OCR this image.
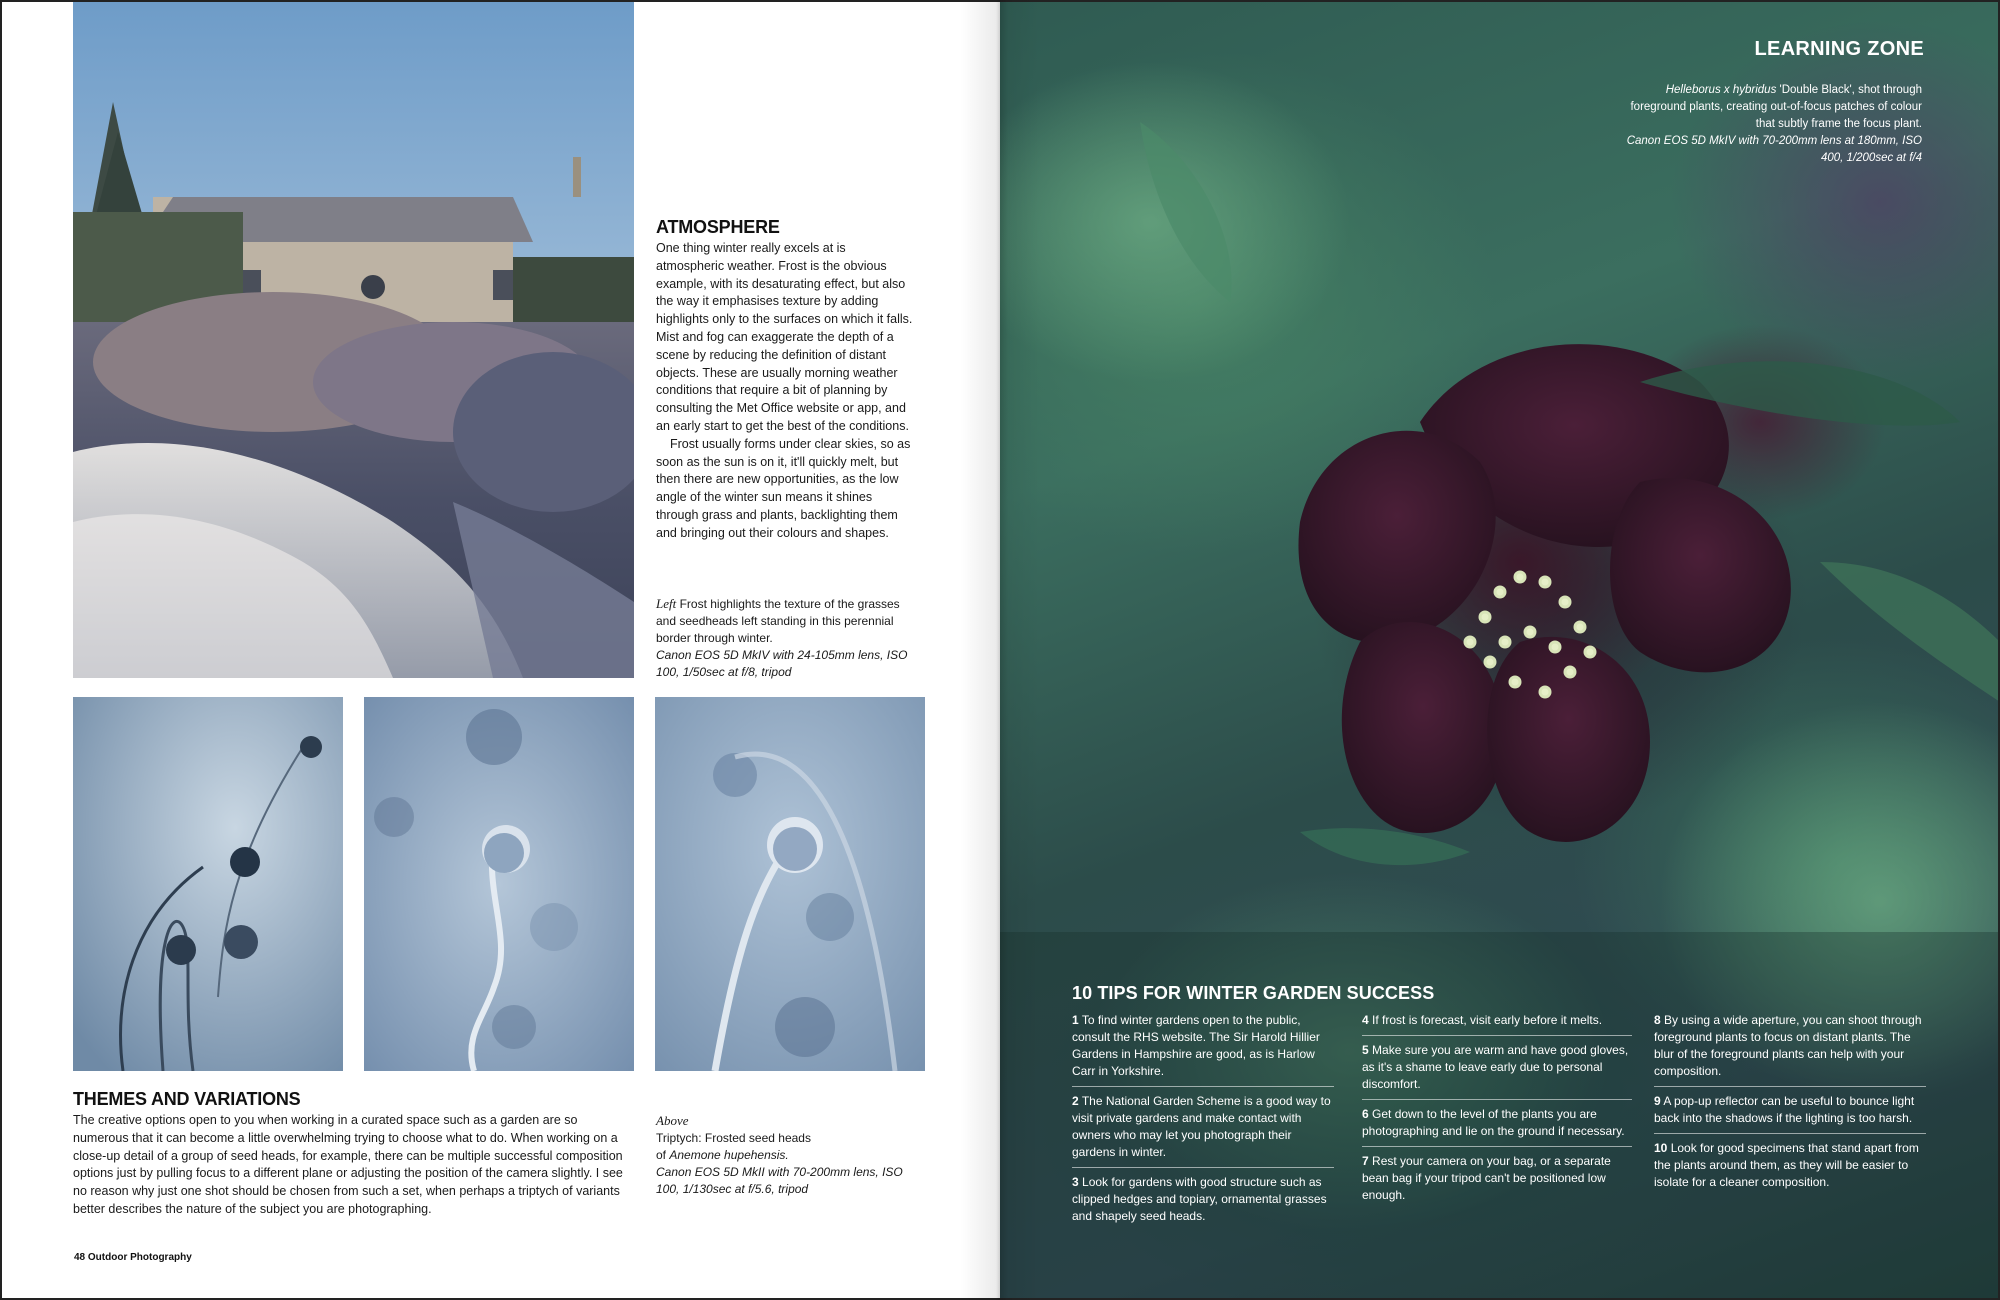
ATMOSPHERE

One thing winter really excels at is atmospheric weather. Frost is the obvious example, with its desaturating effect, but also the way it emphasises texture by adding highlights only to the surfaces on which it falls. Mist and fog can exaggerate the depth of a scene by reducing the definition of distant objects. These are usually morning weather conditions that require a bit of planning by consulting the Met Office website or app, and an early start to get the best of the conditions.

Frost usually forms under clear skies, so as soon as the sun is on it, it'll quickly melt, but then there are new opportunities, as the low angle of the winter sun means it shines through grass and plants, backlighting them and bringing out their colours and shapes.

Left Frost highlights the texture of the grasses and seedheads left standing in this perennial border through winter.
Canon EOS 5D MkIV with 24-105mm lens, ISO 100, 1/50sec at f/8, tripod
THEMES AND VARIATIONS
The creative options open to you when working in a curated space such as a garden are so numerous that it can become a little overwhelming trying to choose what to do. When working on a close-up detail of a group of seed heads, for example, there can be multiple successful composition options just by pulling focus to a different plane or adjusting the position of the camera slightly. I see no reason why just one shot should be chosen from such a set, when perhaps a triptych of variants better describes the nature of the subject you are photographing.
Above
Triptych: Frosted seed heads
of Anemone hupehensis.
Canon EOS 5D MkII with 70-200mm lens, ISO 100, 1/130sec at f/5.6, tripod
48 Outdoor Photography
LEARNING ZONE
Helleborus x hybridus 'Double Black', shot through foreground plants, creating out-of-focus patches of colour that subtly frame the focus plant.
Canon EOS 5D MkIV with 70-200mm lens at 180mm, ISO 400, 1/200sec at f/4
10 TIPS FOR WINTER GARDEN SUCCESS
1 To find winter gardens open to the public, consult the RHS website. The Sir Harold Hillier Gardens in Hampshire are good, as is Harlow Carr in Yorkshire.
2 The National Garden Scheme is a good way to visit private gardens and make contact with owners who may let you photograph their gardens in winter.
3 Look for gardens with good structure such as clipped hedges and topiary, ornamental grasses and shapely seed heads.
4 If frost is forecast, visit early before it melts.
5 Make sure you are warm and have good gloves, as it's a shame to leave early due to personal discomfort.
6 Get down to the level of the plants you are photographing and lie on the ground if necessary.
7 Rest your camera on your bag, or a separate bean bag if your tripod can't be positioned low enough.
8 By using a wide aperture, you can shoot through foreground plants to focus on distant plants. The blur of the foreground plants can help with your composition.
9 A pop-up reflector can be useful to bounce light back into the shadows if the lighting is too harsh.
10 Look for good specimens that stand apart from the plants around them, as they will be easier to isolate for a cleaner composition.
